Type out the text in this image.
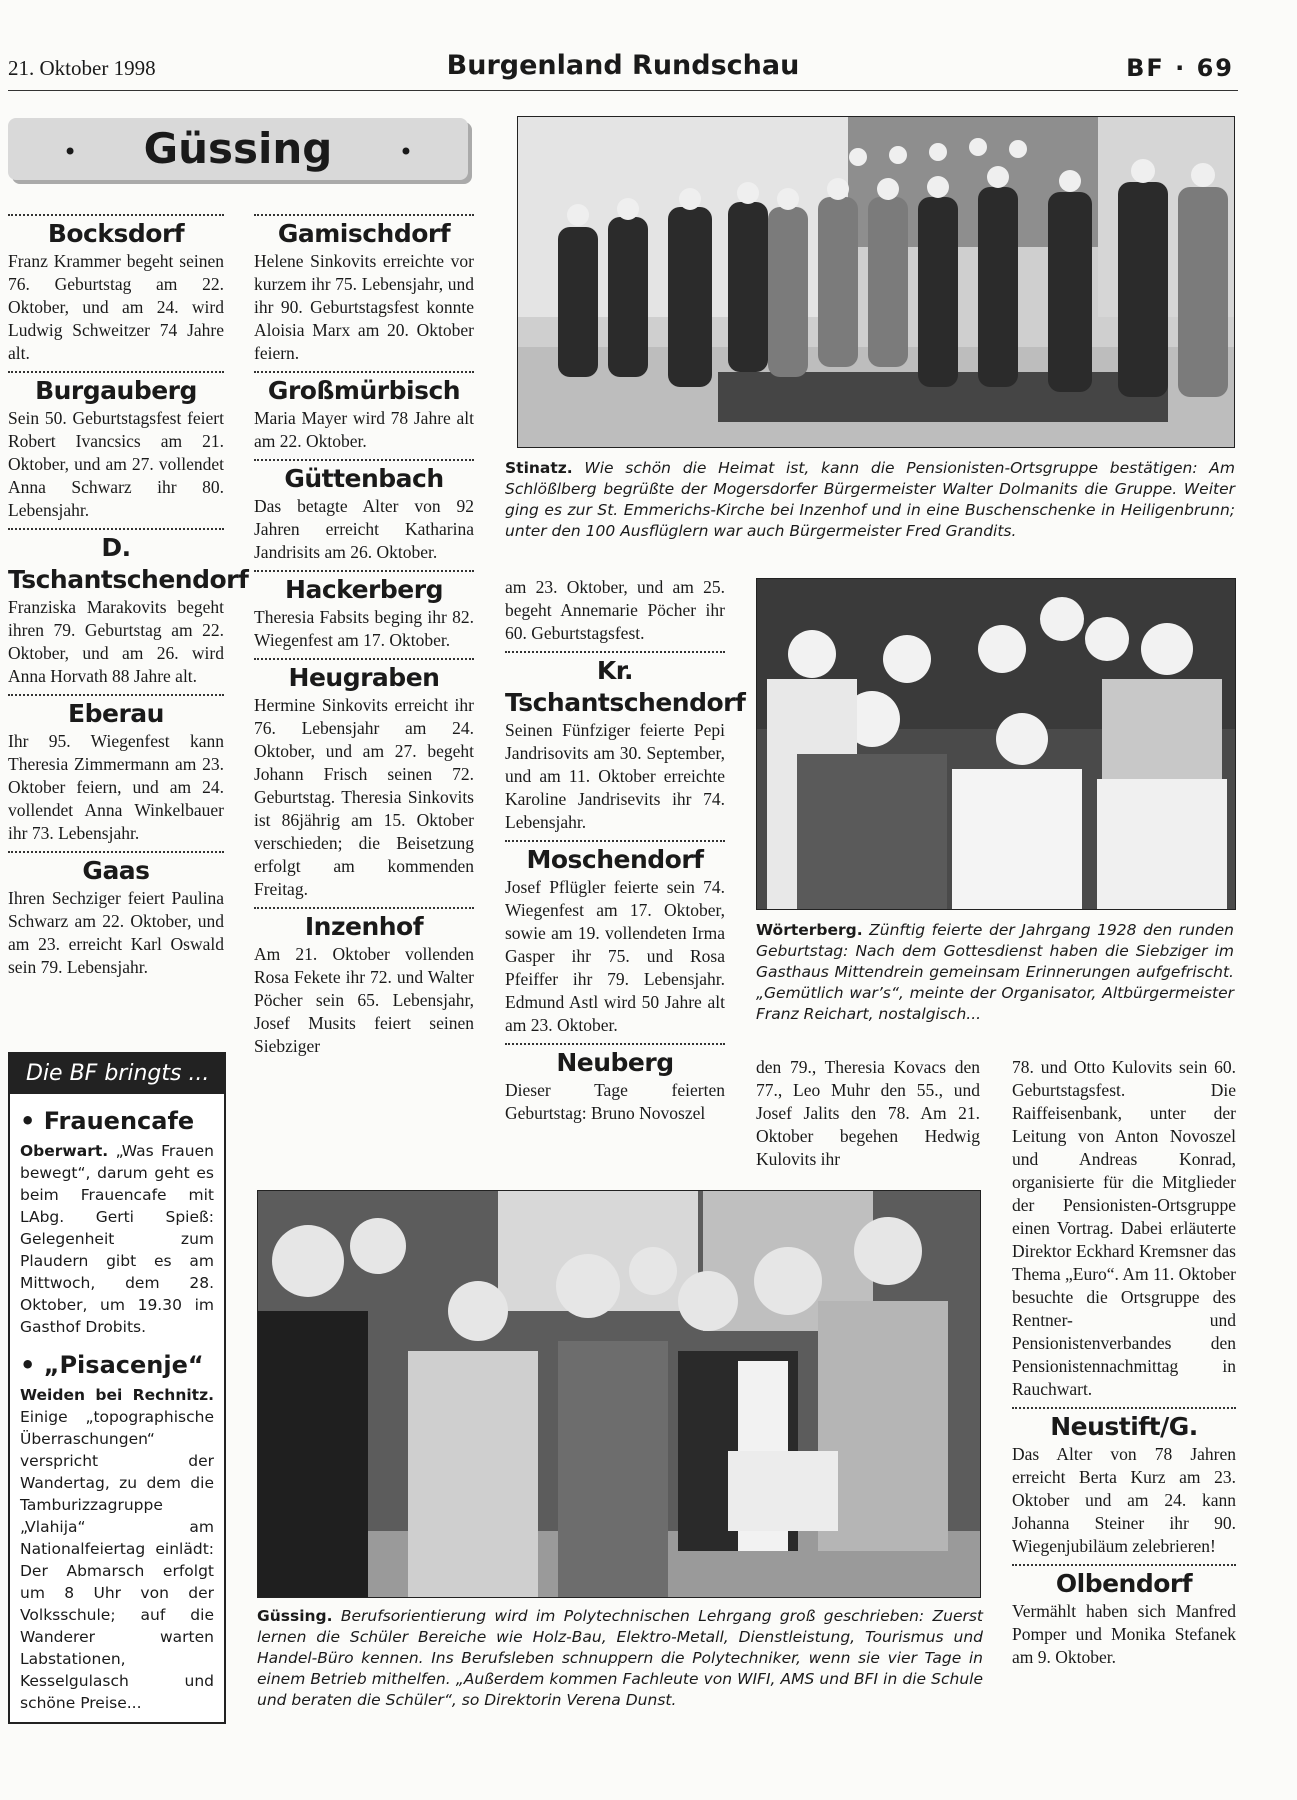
21. Oktober 1998	Burgenland Rundschau	BF · 69
•	Güssing	•
Bocksdorf

Franz Krammer begeht seinen 76. Geburtstag am 22. Oktober, und am 24. wird Ludwig Schweitzer 74 Jahre alt.

Burgauberg

Sein 50. Geburtstagsfest feiert Robert Ivancsics am 21. Oktober, und am 27. vollendet Anna Schwarz ihr 80. Lebensjahr.

D. Tschantschendorf

Franziska Marakovits begeht ihren 79. Geburtstag am 22. Oktober, und am 26. wird Anna Horvath 88 Jahre alt.

Eberau

Ihr 95. Wiegenfest kann Theresia Zimmermann am 23. Oktober feiern, und am 24. vollendet Anna Winkelbauer ihr 73. Lebensjahr.

Gaas

Ihren Sechziger feiert Paulina Schwarz am 22. Oktober, und am 23. erreicht Karl Oswald sein 79. Lebensjahr.

Gamischdorf

Helene Sinkovits erreichte vor kurzem ihr 75. Lebensjahr, und ihr 90. Geburtstagsfest konnte Aloisia Marx am 20. Oktober feiern.

Großmürbisch

Maria Mayer wird 78 Jahre alt am 22. Oktober.

Güttenbach

Das betagte Alter von 92 Jahren erreicht Katharina Jandrisits am 26. Oktober.

Hackerberg

Theresia Fabsits beging ihr 82. Wiegenfest am 17. Oktober.

Heugraben

Hermine Sinkovits erreicht ihr 76. Lebensjahr am 24. Oktober, und am 27. begeht Johann Frisch seinen 72. Geburtstag. Theresia Sinkovits ist 86jährig am 15. Oktober verschieden; die Beisetzung erfolgt am kommenden Freitag.

Inzenhof

Am 21. Oktober vollenden Rosa Fekete ihr 72. und Walter Pöcher sein 65. Lebensjahr, Josef Musits feiert seinen Siebziger

am 23. Oktober, und am 25. begeht Annemarie Pöcher ihr 60. Geburtstagsfest.

Kr. Tschantschendorf

Seinen Fünfziger feierte Pepi Jandrisovits am 30. September, und am 11. Oktober erreichte Karoline Jandrisevits ihr 74. Lebensjahr.

Moschendorf

Josef Pflügler feierte sein 74. Wiegenfest am 17. Oktober, sowie am 19. vollendeten Irma Gasper ihr 75. und Rosa Pfeiffer ihr 79. Lebensjahr. Edmund Astl wird 50 Jahre alt am 23. Oktober.

Neuberg

Dieser Tage feierten Geburtstag: Bruno Novoszel

den 79., Theresia Kovacs den 77., Leo Muhr den 55., und Josef Jalits den 78. Am 21. Oktober begehen Hedwig Kulovits ihr

78. und Otto Kulovits sein 60. Geburtstagsfest. Die Raiffeisenbank, unter der Leitung von Anton Novoszel und Andreas Konrad, organisierte für die Mitglieder der Pensionisten-Ortsgruppe einen Vortrag. Dabei erläuterte Direktor Eckhard Kremsner das Thema „Euro“. Am 11. Oktober besuchte die Ortsgruppe des Rentner- und Pensionistenverbandes den Pensionistennachmittag in Rauchwart.

Neustift/G.

Das Alter von 78 Jahren erreicht Berta Kurz am 23. Oktober und am 24. kann Johanna Steiner ihr 90. Wiegenjubiläum zelebrieren!

Olbendorf

Vermählt haben sich Manfred Pomper und Monika Stefanek am 9. Oktober.

Stinatz. Wie schön die Heimat ist, kann die Pensionisten-Ortsgruppe bestätigen: Am Schlößlberg begrüßte der Mogersdorfer Bürgermeister Walter Dolmanits die Gruppe. Weiter ging es zur St. Emmerichs-Kirche bei Inzenhof und in eine Buschenschenke in Heiligenbrunn; unter den 100 Ausflüglern war auch Bürgermeister Fred Grandits.
Wörterberg. Zünftig feierte der Jahrgang 1928 den runden Geburtstag: Nach dem Gottesdienst haben die Siebziger im Gasthaus Mittendrein gemeinsam Erinnerungen aufgefrischt. „Gemütlich war’s“, meinte der Organisator, Altbürgermeister Franz Reichart, nostalgisch...
Güssing. Berufsorientierung wird im Polytechnischen Lehrgang groß geschrieben: Zuerst lernen die Schüler Bereiche wie Holz-Bau, Elektro-Metall, Dienstleistung, Tourismus und Handel-Büro kennen. Ins Berufsleben schnuppern die Polytechniker, wenn sie vier Tage in einem Betrieb mithelfen. „Außerdem kommen Fachleute von WIFI, AMS und BFI in die Schule und beraten die Schüler“, so Direktorin Verena Dunst.
Die BF bringts ...
• Frauencafe

Oberwart. „Was Frauen bewegt“, darum geht es beim Frauencafe mit LAbg. Gerti Spieß: Gelegenheit zum Plaudern gibt es am Mittwoch, dem 28. Oktober, um 19.30 im Gasthof Drobits.

• „Pisacenje“

Weiden bei Rechnitz. Einige „topographische Überraschungen“ verspricht der Wandertag, zu dem die Tamburizzagruppe „Vlahija“ am Nationalfeiertag einlädt: Der Abmarsch erfolgt um 8 Uhr von der Volksschule; auf die Wanderer warten Labstationen, Kesselgulasch und schöne Preise...
